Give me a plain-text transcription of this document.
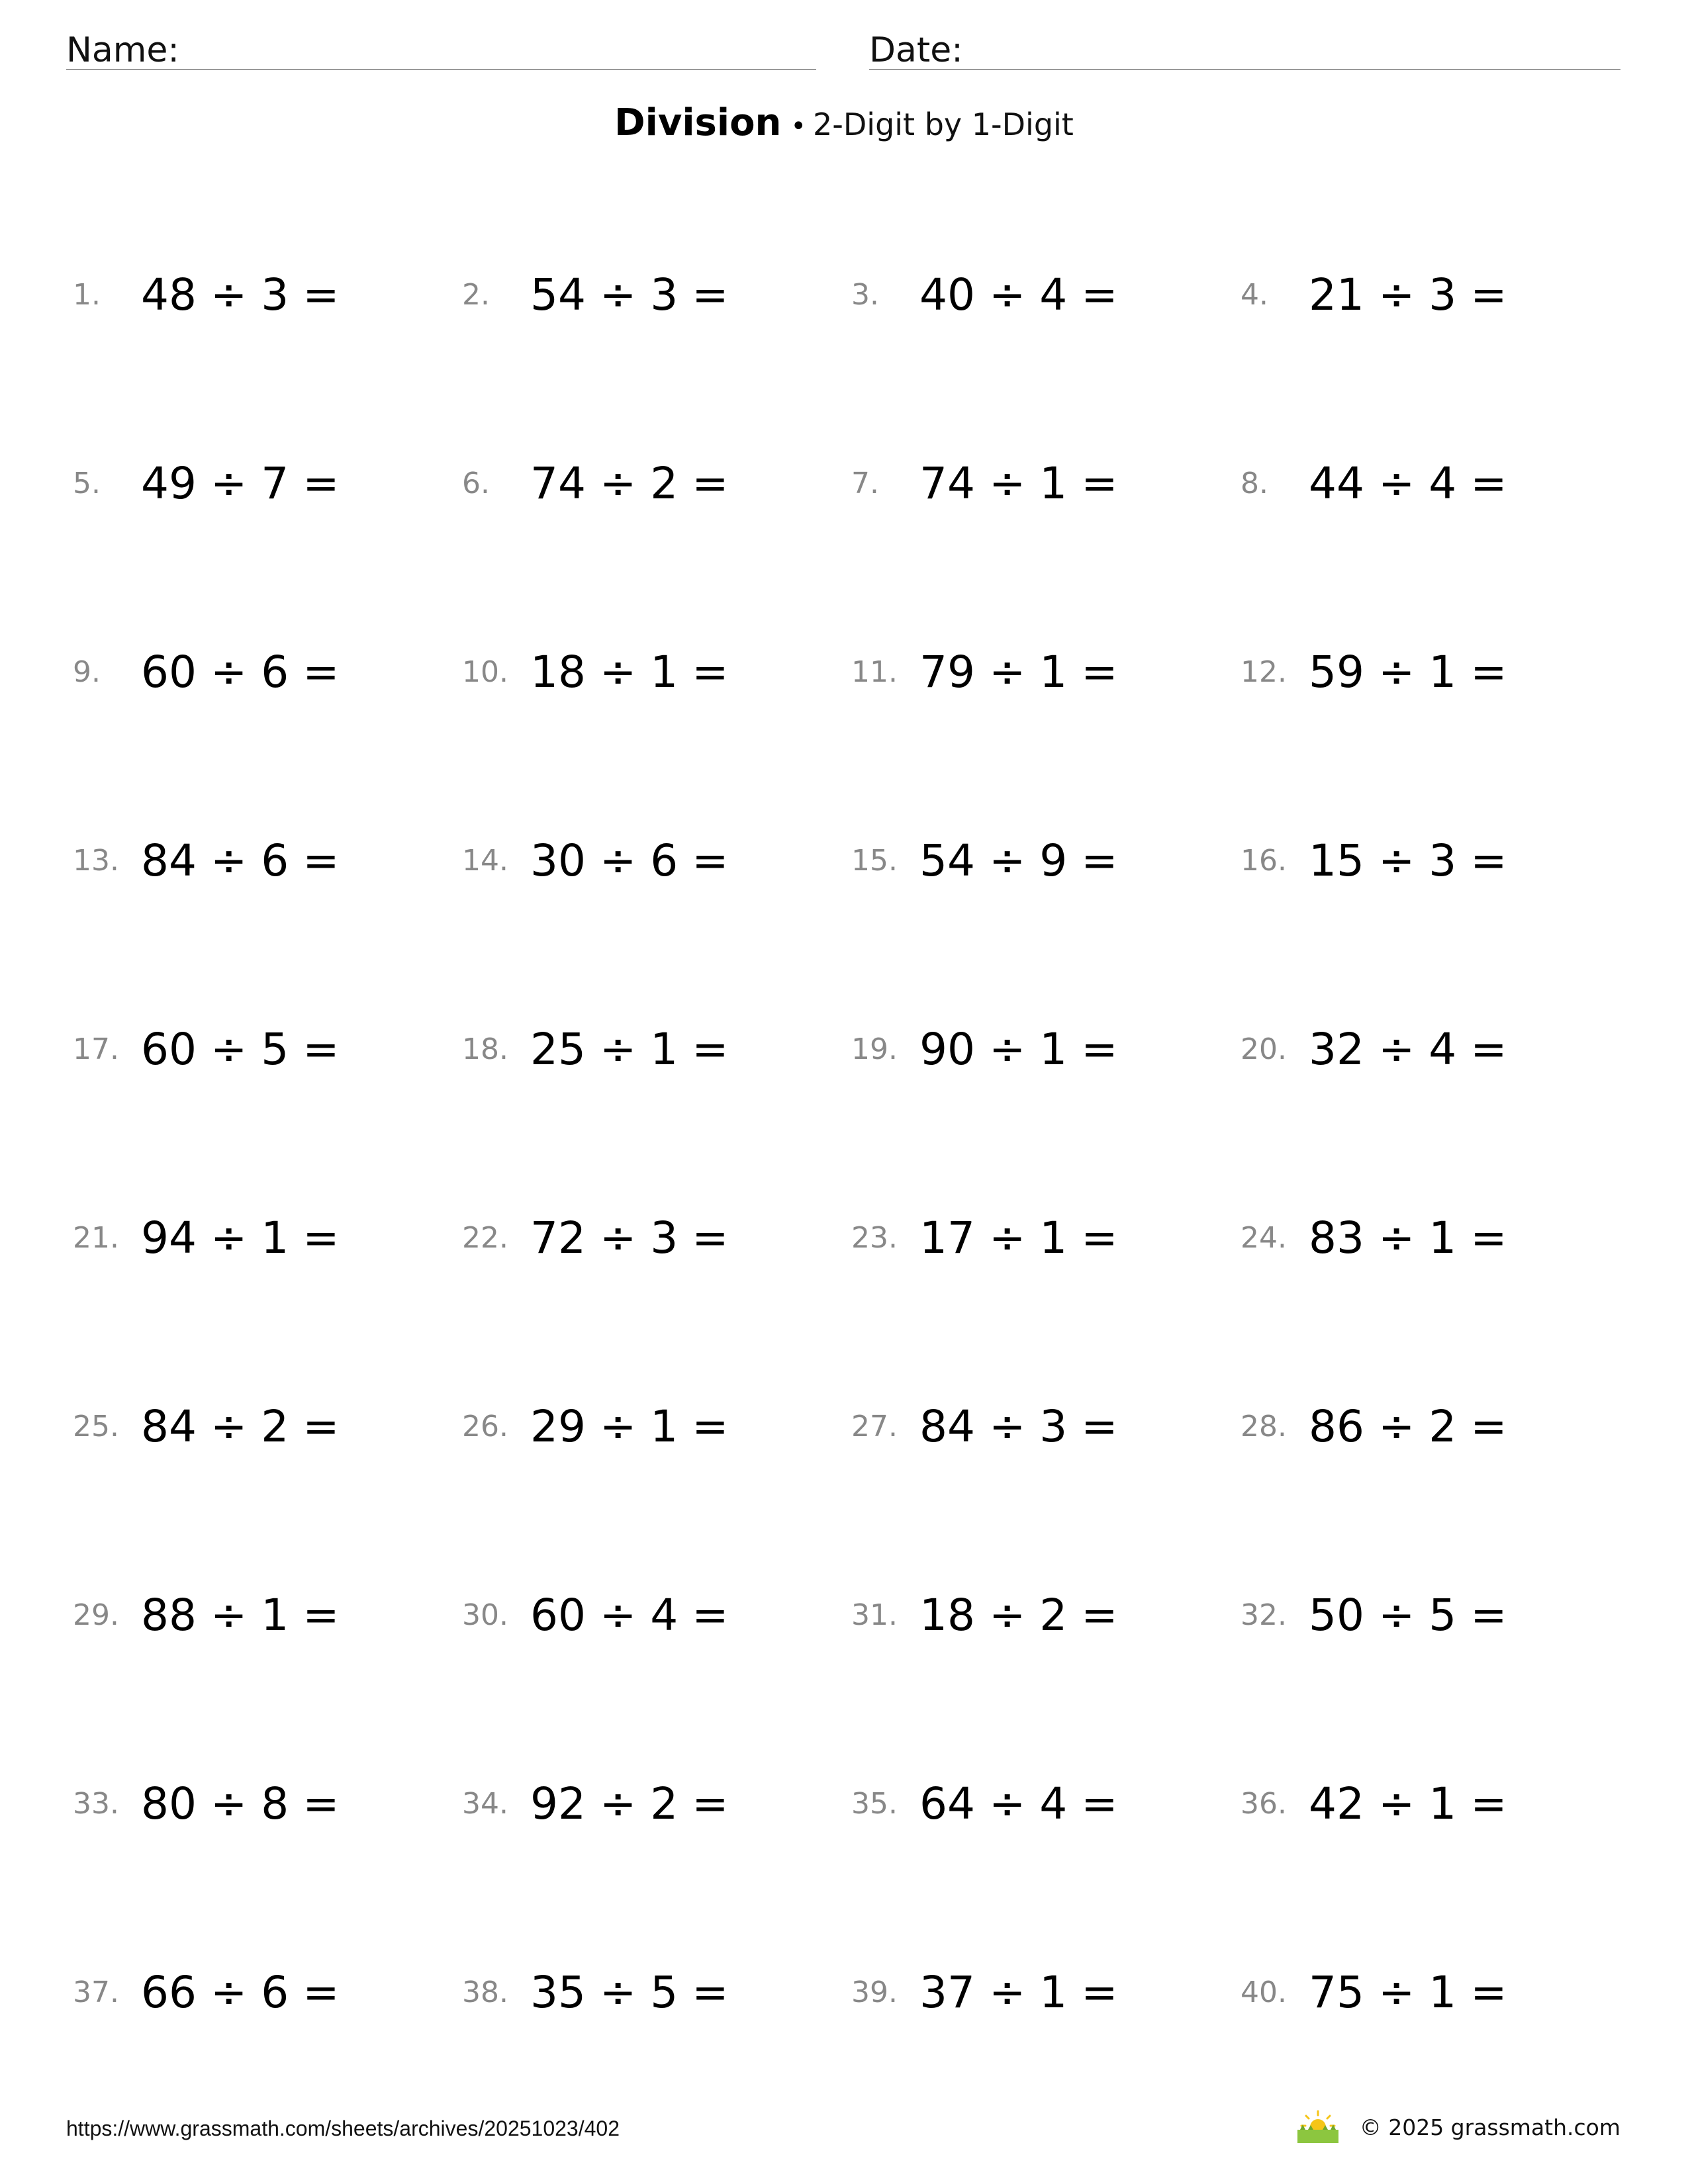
Name:	Date:
Division • 2-Digit by 1-Digit
1. 48 ÷ 3 =	2. 54 ÷ 3 =	3. 40 ÷ 4 =	4. 21 ÷ 3 =
5. 49 ÷ 7 =	6. 74 ÷ 2 =	7. 74 ÷ 1 =	8. 44 ÷ 4 =
9. 60 ÷ 6 =	10. 18 ÷ 1 =	11. 79 ÷ 1 =	12. 59 ÷ 1 =
13. 84 ÷ 6 =	14. 30 ÷ 6 =	15. 54 ÷ 9 =	16. 15 ÷ 3 =
17. 60 ÷ 5 =	18. 25 ÷ 1 =	19. 90 ÷ 1 =	20. 32 ÷ 4 =
21. 94 ÷ 1 =	22. 72 ÷ 3 =	23. 17 ÷ 1 =	24. 83 ÷ 1 =
25. 84 ÷ 2 =	26. 29 ÷ 1 =	27. 84 ÷ 3 =	28. 86 ÷ 2 =
29. 88 ÷ 1 =	30. 60 ÷ 4 =	31. 18 ÷ 2 =	32. 50 ÷ 5 =
33. 80 ÷ 8 =	34. 92 ÷ 2 =	35. 64 ÷ 4 =	36. 42 ÷ 1 =
37. 66 ÷ 6 =	38. 35 ÷ 5 =	39. 37 ÷ 1 =	40. 75 ÷ 1 =
https://www.grassmath.com/sheets/archives/20251023/402	© 2025 grassmath.com
